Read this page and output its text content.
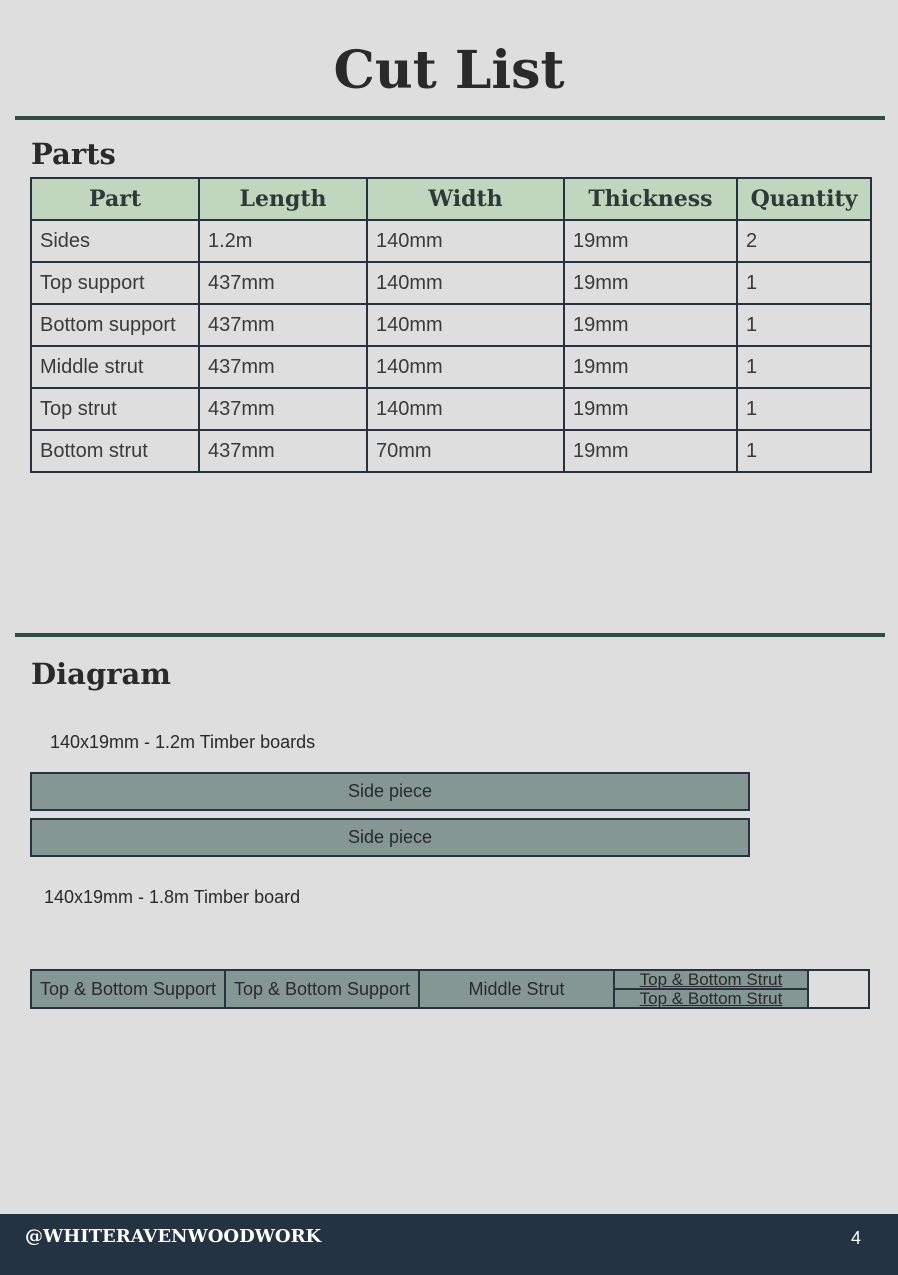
Cut List
Parts
Part	Length	Width	Thickness	Quantity
Sides	1.2m	140mm	19mm	2
Top support	437mm	140mm	19mm	1
Bottom support	437mm	140mm	19mm	1
Middle strut	437mm	140mm	19mm	1
Top strut	437mm	140mm	19mm	1
Bottom strut	437mm	70mm	19mm	1
Diagram
140x19mm - 1.2m Timber boards
Side piece
Side piece
140x19mm - 1.8m Timber board
Top & Bottom Support Top & Bottom Support	Middle Strut	Top & Bottom Strut
Top & Bottom Strut
@WHITERAVENWOODWORK	4
